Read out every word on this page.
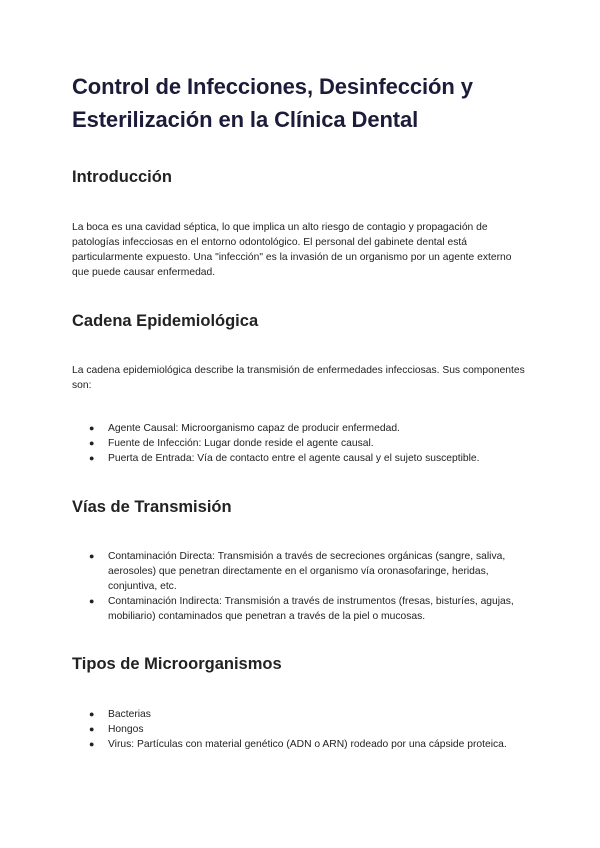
Control de Infecciones, Desinfección y Esterilización en la Clínica Dental
Introducción

La boca es una cavidad séptica, lo que implica un alto riesgo de contagio y propagación de patologías infecciosas en el entorno odontológico. El personal del gabinete dental está particularmente expuesto. Una "infección" es la invasión de un organismo por un agente externo que puede causar enfermedad.

Cadena Epidemiológica

La cadena epidemiológica describe la transmisión de enfermedades infecciosas. Sus componentes son:

● Agente Causal: Microorganismo capaz de producir enfermedad.
● Fuente de Infección: Lugar donde reside el agente causal.
● Puerta de Entrada: Vía de contacto entre el agente causal y el sujeto susceptible.
Vías de Transmisión
● Contaminación Directa: Transmisión a través de secreciones orgánicas (sangre, saliva, aerosoles) que penetran directamente en el organismo vía oronasofaringe, heridas, conjuntiva, etc.
● Contaminación Indirecta: Transmisión a través de instrumentos (fresas, bisturíes, agujas, mobiliario) contaminados que penetran a través de la piel o mucosas.
Tipos de Microorganismos
● Bacterias
● Hongos
● Virus: Partículas con material genético (ADN o ARN) rodeado por una cápside proteica.
